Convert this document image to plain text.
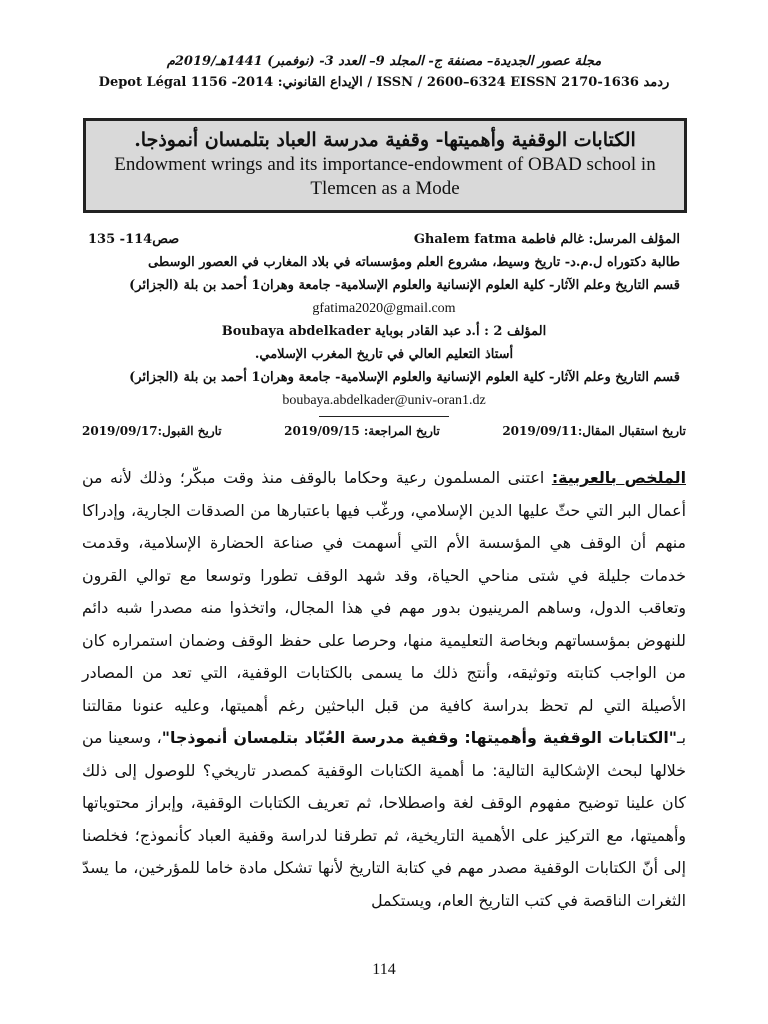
مجلة عصور الجديدة– مصنفة ج- المجلد 9– العدد 3- (نوفمبر) 1441هـ/2019م
ردمد 1636-2170 ISSN / 2600–6324 EISSN / الإيداع القانوني: 2014- 1156 Depot Légal
الكتابات الوقفية وأهميتها- وقفية مدرسة العباد بتلمسان أنموذجا.
Endowment wrings and its importance-endowment of OBAD school in Tlemcen as a Mode
المؤلف المرسل: غالم فاطمة Ghalem fatma
صص114- 135
طالبة دكتوراه ل.م.د- تاريخ وسيط، مشروع العلم ومؤسساته في بلاد المغارب في العصور الوسطى
قسم التاريخ وعلم الآثار- كلية العلوم الإنسانية والعلوم الإسلامية- جامعة وهران1 أحمد بن بلة (الجزائر)
gfatima2020@gmail.com
المؤلف 2 : أ.د عبد القادر بوباية Boubaya abdelkader
أستاذ التعليم العالي في تاريخ المغرب الإسلامي.
قسم التاريخ وعلم الآثار- كلية العلوم الإنسانية والعلوم الإسلامية- جامعة وهران1 أحمد بن بلة (الجزائر)
boubaya.abdelkader@univ-oran1.dz
تاريخ استقبال المقال:2019/09/11
تاريخ المراجعة: 2019/09/15
تاريخ القبول:2019/09/17
الملخص بالعربية: اعتنى المسلمون رعية وحكاما بالوقف منذ وقت مبكّر؛ وذلك لأنه من أعمال البر التي حثّ عليها الدين الإسلامي، ورغّب فيها باعتبارها من الصدقات الجارية، وإدراكا منهم أن الوقف هي المؤسسة الأم التي أسهمت في صناعة الحضارة الإسلامية، وقدمت خدمات جليلة في شتى مناحي الحياة، وقد شهد الوقف تطورا وتوسعا مع توالي القرون وتعاقب الدول، وساهم المرينيون بدور مهم في هذا المجال، واتخذوا منه مصدرا شبه دائم للنهوض بمؤسساتهم وبخاصة التعليمية منها، وحرصا على حفظ الوقف وضمان استمراره كان من الواجب كتابته وتوثيقه، وأنتج ذلك ما يسمى بالكتابات الوقفية، التي تعد من المصادر الأصيلة التي لم تحظ بدراسة كافية من قبل الباحثين رغم أهميتها، وعليه عنونا مقالتنا بـ"الكتابات الوقفية وأهميتها: وقفية مدرسة العُبّاد بتلمسان أنموذجا"، وسعينا من خلالها لبحث الإشكالية التالية: ما أهمية الكتابات الوقفية كمصدر تاريخي؟ للوصول إلى ذلك كان علينا توضيح مفهوم الوقف لغة واصطلاحا، ثم تعريف الكتابات الوقفية، وإبراز محتوياتها وأهميتها، مع التركيز على الأهمية التاريخية، ثم تطرقنا لدراسة وقفية العباد كأنموذج؛ فخلصنا إلى أنّ الكتابات الوقفية مصدر مهم في كتابة التاريخ لأنها تشكل مادة خاما للمؤرخين، ما يسدّ الثغرات الناقصة في كتب التاريخ العام، ويستكمل
114
